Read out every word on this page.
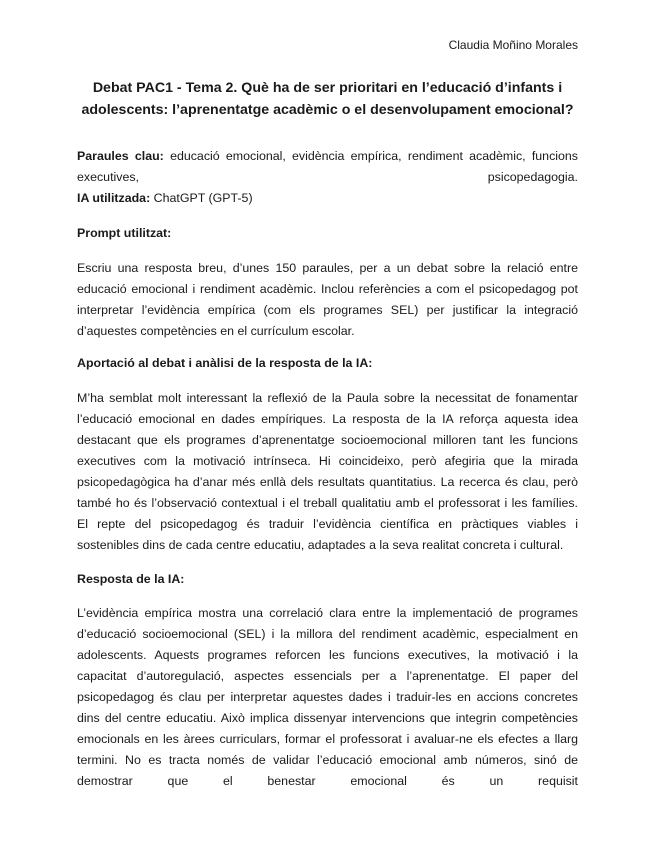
Claudia Moñino Morales
Debat PAC1 - Tema 2. Què ha de ser prioritari en l’educació d’infants i adolescents: l’aprenentatge acadèmic o el desenvolupament emocional?
Paraules clau: educació emocional, evidència empírica, rendiment acadèmic, funcions executives, psicopedagogia.
IA utilitzada: ChatGPT (GPT-5)
Prompt utilitzat:

Escriu una resposta breu, d’unes 150 paraules, per a un debat sobre la relació entre educació emocional i rendiment acadèmic. Inclou referències a com el psicopedagog pot interpretar l’evidència empírica (com els programes SEL) per justificar la integració d’aquestes competències en el currículum escolar.

Aportació al debat i anàlisi de la resposta de la IA:

M’ha semblat molt interessant la reflexió de la Paula sobre la necessitat de fonamentar l’educació emocional en dades empíriques. La resposta de la IA reforça aquesta idea destacant que els programes d’aprenentatge socioemocional milloren tant les funcions executives com la motivació intrínseca. Hi coincideixo, però afegiria que la mirada psicopedagògica ha d’anar més enllà dels resultats quantitatius. La recerca és clau, però també ho és l’observació contextual i el treball qualitatiu amb el professorat i les famílies. El repte del psicopedagog és traduir l’evidència científica en pràctiques viables i sostenibles dins de cada centre educatiu, adaptades a la seva realitat concreta i cultural.

Resposta de la IA:

L’evidència empírica mostra una correlació clara entre la implementació de programes d’educació socioemocional (SEL) i la millora del rendiment acadèmic, especialment en adolescents. Aquests programes reforcen les funcions executives, la motivació i la capacitat d’autoregulació, aspectes essencials per a l’aprenentatge. El paper del psicopedagog és clau per interpretar aquestes dades i traduir-les en accions concretes dins del centre educatiu. Això implica dissenyar intervencions que integrin competències emocionals en les àrees curriculars, formar el professorat i avaluar-ne els efectes a llarg termini. No es tracta només de validar l’educació emocional amb números, sinó de demostrar que el benestar emocional és un requisit
